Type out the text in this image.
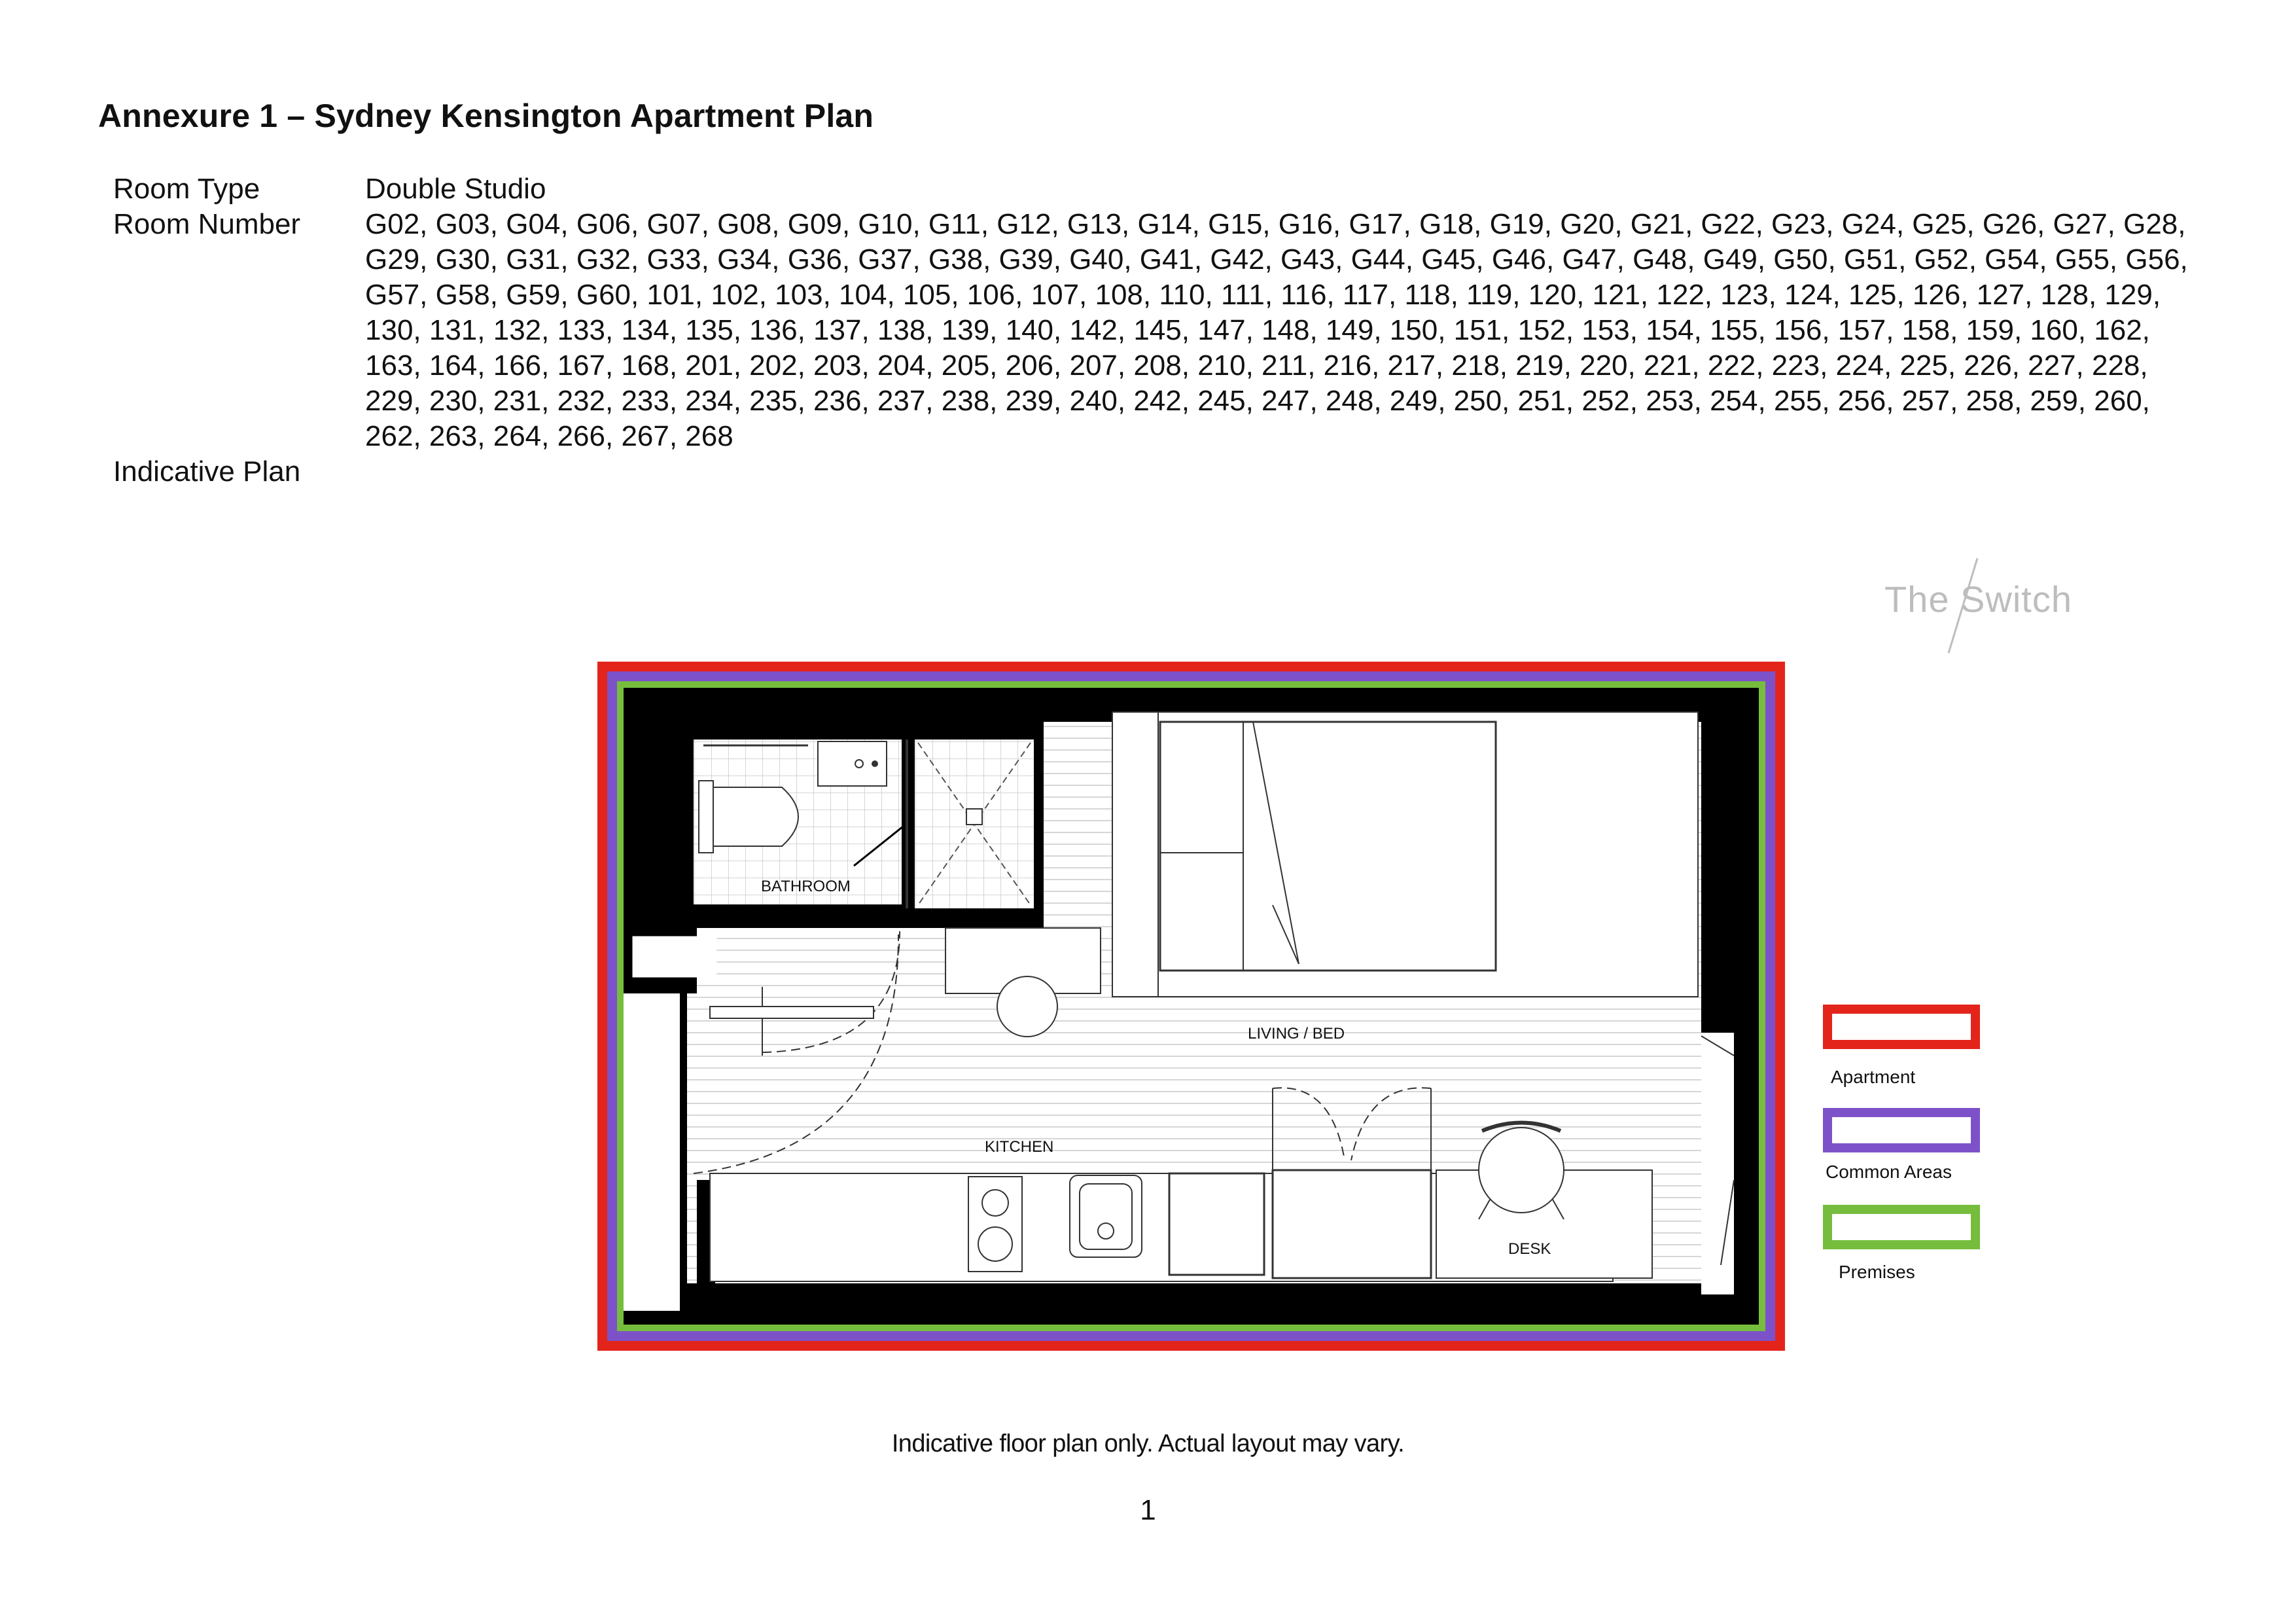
Annexure 1 – Sydney Kensington Apartment Plan
Room Type	Double Studio
Room Number	G02, G03, G04, G06, G07, G08, G09, G10, G11, G12, G13, G14, G15, G16, G17, G18, G19, G20, G21, G22, G23, G24, G25, G26, G27, G28, G29, G30, G31, G32, G33, G34, G36, G37, G38, G39, G40, G41, G42, G43, G44, G45, G46, G47, G48, G49, G50, G51, G52, G54, G55, G56, G57, G58, G59, G60, 101, 102, 103, 104, 105, 106, 107, 108, 110, 111, 116, 117, 118, 119, 120, 121, 122, 123, 124, 125, 126, 127, 128, 129, 130, 131, 132, 133, 134, 135, 136, 137, 138, 139, 140, 142, 145, 147, 148, 149, 150, 151, 152, 153, 154, 155, 156, 157, 158, 159, 160, 162, 163, 164, 166, 167, 168, 201, 202, 203, 204, 205, 206, 207, 208, 210, 211, 216, 217, 218, 219, 220, 221, 222, 223, 224, 225, 226, 227, 228, 229, 230, 231, 232, 233, 234, 235, 236, 237, 238, 239, 240, 242, 245, 247, 248, 249, 250, 251, 252, 253, 254, 255, 256, 257, 258, 259, 260, 262, 263, 264, 266, 267, 268
Indicative Plan
The Switch
BATHROOM
LIVING / BED
KITCHEN
DESK
Apartment
Common Areas
Premises
Indicative floor plan only. Actual layout may vary.
1
